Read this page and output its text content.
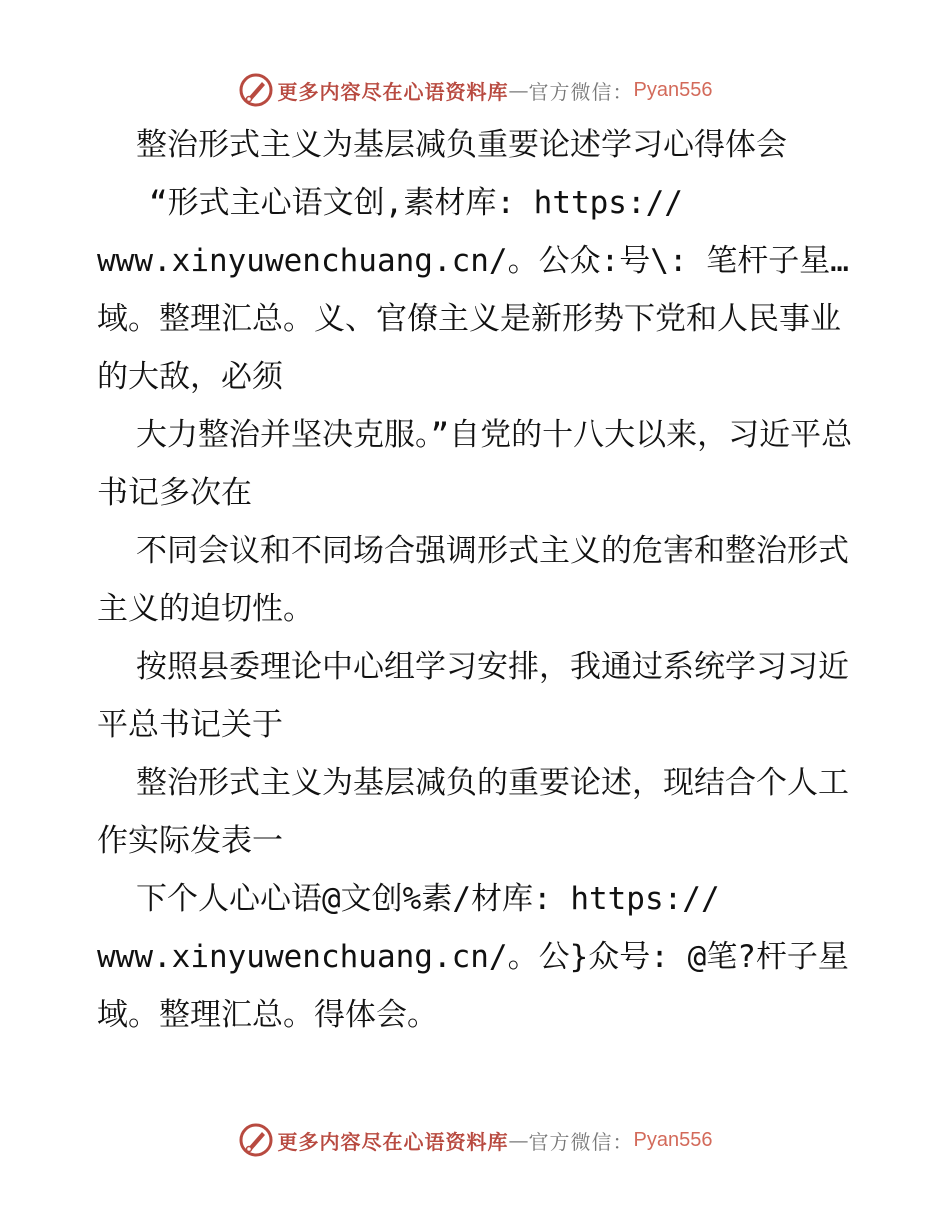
更多内容尽在心语资料库 — 官方微信： Pyan556

整治形式主义为基层减负重要论述学习心得体会

“形式主心语文创,素材库: https://

www.xinyuwenchuang.cn/。公众:号\: 笔杆子星…

域。整理汇总。义、官僚主义是新形势下党和人民事业的大敌，必须

大力整治并坚决克服。”自党的十八大以来，习近平总书记多次在

不同会议和不同场合强调形式主义的危害和整治形式主义的迫切性。

按照县委理论中心组学习安排，我通过系统学习习近平总书记关于

整治形式主义为基层减负的重要论述，现结合个人工作实际发表一

下个人心心语@文创%素/材库: https://

www.xinyuwenchuang.cn/。公}众号: @笔?杆子星

域。整理汇总。得体会。

更多内容尽在心语资料库 — 官方微信： Pyan556
